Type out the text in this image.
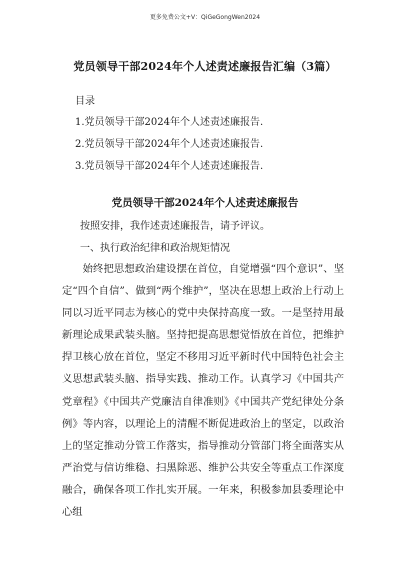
更多免费公文+V：QiGeGongWen2024
党员领导干部2024年个人述责述廉报告汇编（3篇）
目录
1.党员领导干部2024年个人述责述廉报告.
2.党员领导干部2024年个人述责述廉报告.
3.党员领导干部2024年个人述责述廉报告.
党员领导干部2024年个人述责述廉报告
按照安排，我作述责述廉报告，请予评议。
一、执行政治纪律和政治规矩情况

始终把思想政治建设摆在首位，自觉增强“四个意识”、坚定“四个自信”、做到“两个维护”，坚决在思想上政治上行动上同以习近平同志为核心的党中央保持高度一致。一是坚持用最新理论成果武装头脑。坚持把提高思想觉悟放在首位，把维护捍卫核心放在首位，坚定不移用习近平新时代中国特色社会主义思想武装头脑、指导实践、推动工作。认真学习《中国共产党章程》《中国共产党廉洁自律准则》《中国共产党纪律处分条例》等内容，以理论上的清醒不断促进政治上的坚定，以政治上的坚定推动分管工作落实，指导推动分管部门将全面落实从严治党与信访维稳、扫黑除恶、维护公共安全等重点工作深度融合，确保各项工作扎实开展。一年来，积极参加县委理论中心组
